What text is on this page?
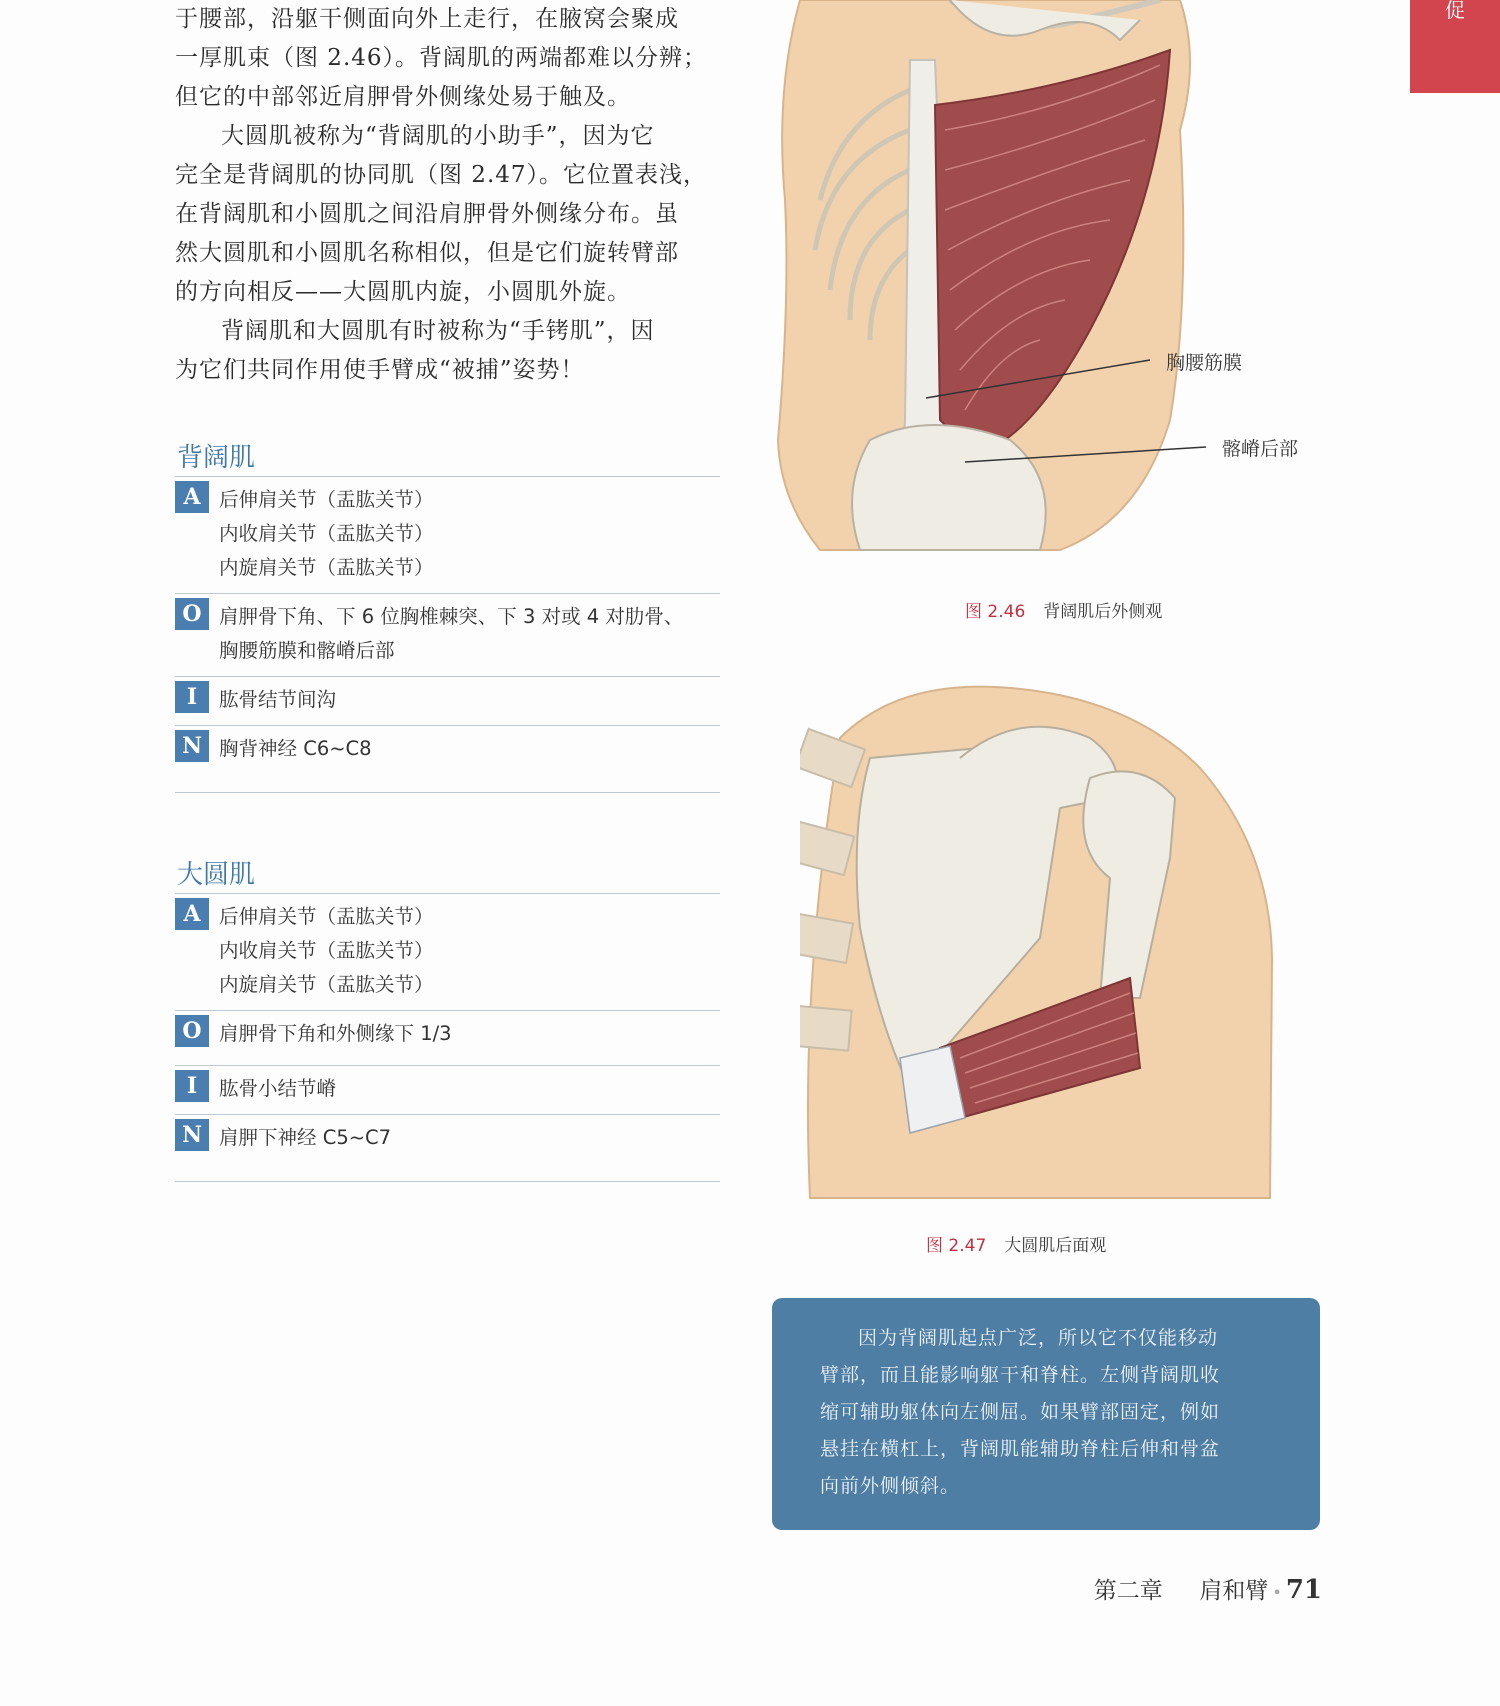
促

于腰部，沿躯干侧面向外上走行，在腋窝会聚成

一厚肌束（图 2.46）。背阔肌的两端都难以分辨；

但它的中部邻近肩胛骨外侧缘处易于触及。

大圆肌被称为“背阔肌的小助手”，因为它

完全是背阔肌的协同肌（图 2.47）。它位置表浅，

在背阔肌和小圆肌之间沿肩胛骨外侧缘分布。虽

然大圆肌和小圆肌名称相似，但是它们旋转臂部

的方向相反——大圆肌内旋，小圆肌外旋。

背阔肌和大圆肌有时被称为“手铐肌”，因

为它们共同作用使手臂成“被捕”姿势！

背阔肌
A 后伸肩关节（盂肱关节）
内收肩关节（盂肱关节）
内旋肩关节（盂肱关节）
O 肩胛骨下角、下 6 位胸椎棘突、下 3 对或 4 对肋骨、
胸腰筋膜和髂嵴后部
I	肱骨结节间沟
N 胸背神经 C6~C8
大圆肌
A 后伸肩关节（盂肱关节）
内收肩关节（盂肱关节）
内旋肩关节（盂肱关节）
O 肩胛骨下角和外侧缘下 1/3
I	肱骨小结节嵴
N 肩胛下神经 C5~C7
胸腰筋膜
髂嵴后部
图 2.46 背阔肌后外侧观
图 2.47 大圆肌后面观

因为背阔肌起点广泛，所以它不仅能移动

臂部，而且能影响躯干和脊柱。左侧背阔肌收
缩可辅助躯体向左侧屈。如果臂部固定，例如
悬挂在横杠上，背阔肌能辅助脊柱后伸和骨盆
向前外侧倾斜。
第二章 肩和臂 • 71
